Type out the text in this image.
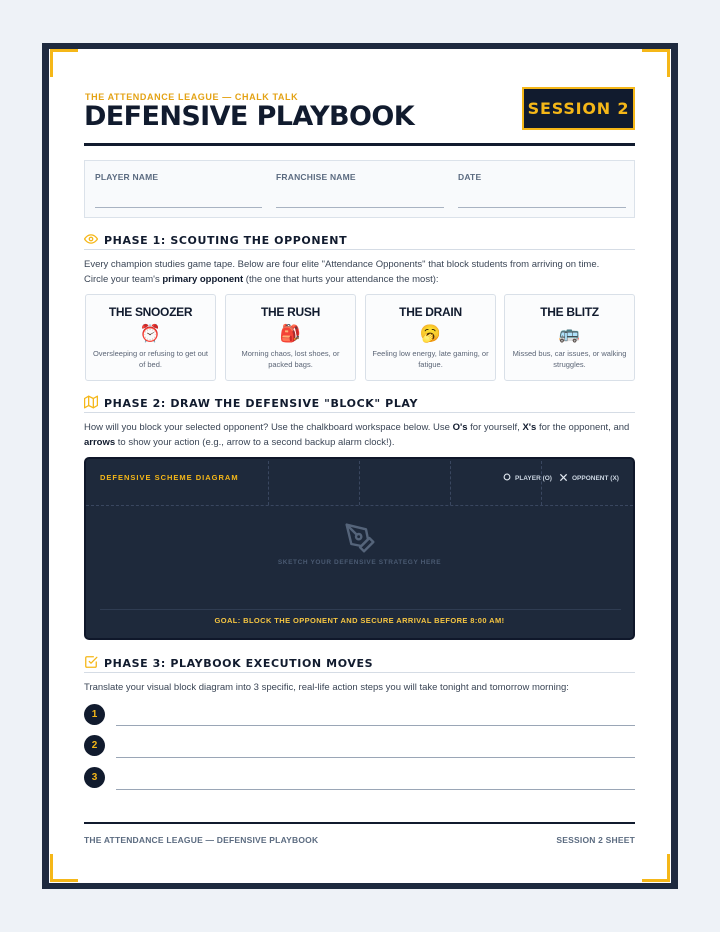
THE ATTENDANCE LEAGUE — CHALK TALK
DEFENSIVE PLAYBOOK	SESSION 2
PLAYER NAME	FRANCHISE NAME	DATE
PHASE 1: SCOUTING THE OPPONENT
Every champion studies game tape. Below are four elite "Attendance Opponents" that block students from arriving on time.
Circle your team's primary opponent (the one that hurts your attendance the most):
THE SNOOZER
⏰
Oversleeping or refusing to get out of bed.
THE RUSH
🎒
Morning chaos, lost shoes, or packed bags.
THE DRAIN
🥱
Feeling low energy, late gaming, or fatigue.
THE BLITZ
🚌
Missed bus, car issues, or walking struggles.
PHASE 2: DRAW THE DEFENSIVE "BLOCK" PLAY
How will you block your selected opponent? Use the chalkboard workspace below. Use O's for yourself, X's for the opponent, and
arrows to show your action (e.g., arrow to a second backup alarm clock!).
DEFENSIVE SCHEME DIAGRAM	PLAYER (O)	OPPONENT (X)
SKETCH YOUR DEFENSIVE STRATEGY HERE
GOAL: BLOCK THE OPPONENT AND SECURE ARRIVAL BEFORE 8:00 AM!
PHASE 3: PLAYBOOK EXECUTION MOVES
Translate your visual block diagram into 3 specific, real-life action steps you will take tonight and tomorrow morning:
1
2
3
THE ATTENDANCE LEAGUE — DEFENSIVE PLAYBOOK	SESSION 2 SHEET
